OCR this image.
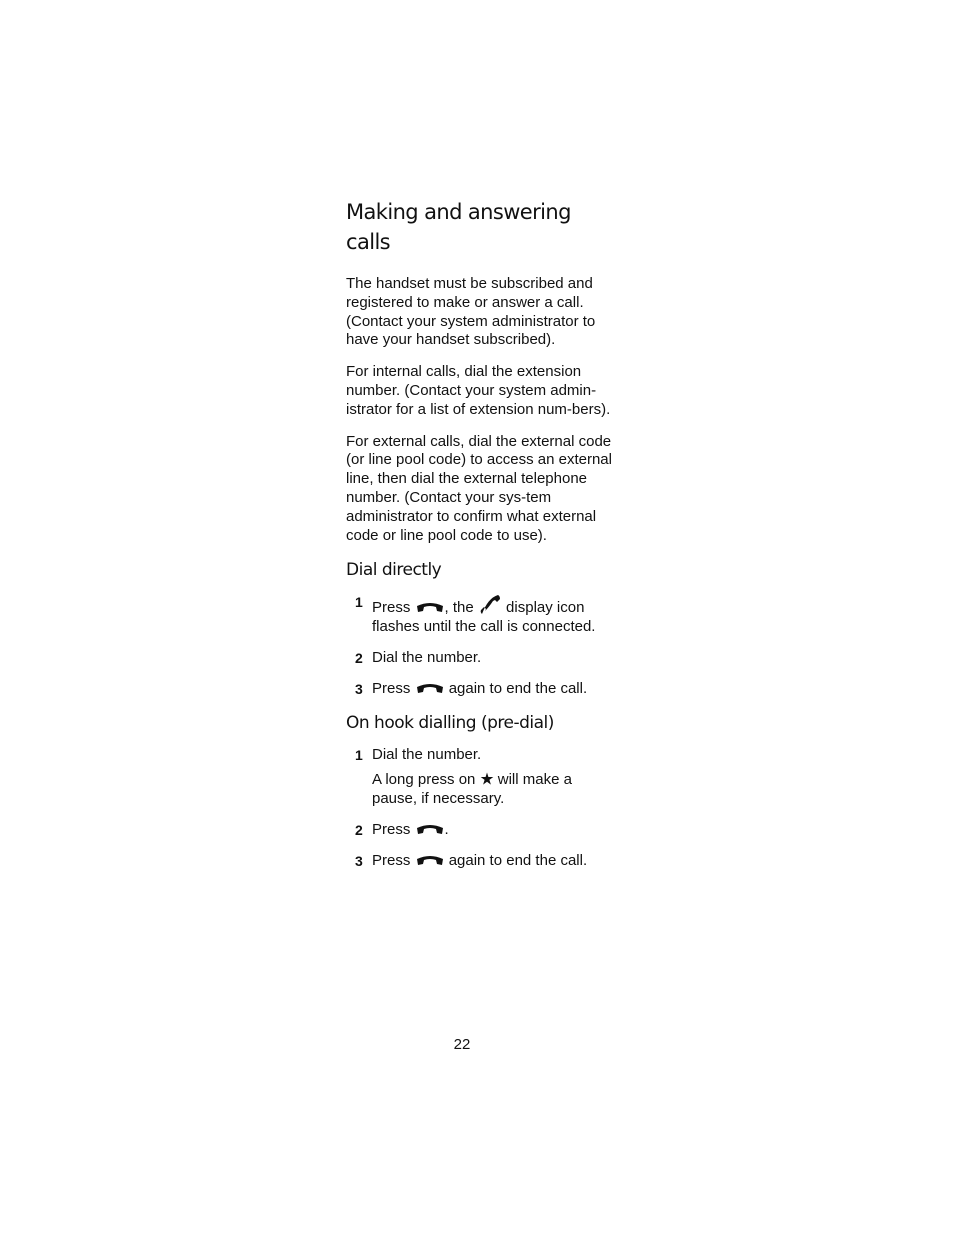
Making and answering calls

The handset must be subscribed and registered to make or answer a call. (Contact your system administrator to have your handset subscribed).

For internal calls, dial the extension number. (Contact your system admin-istrator for a list of extension num-bers).

For external calls, dial the external code (or line pool code) to access an external line, then dial the external telephone number. (Contact your sys-tem administrator to confirm what external code or line pool code to use).

Dial directly
1 Press , the display icon flashes until the call is connected.
2 Dial the number.
3 Press	again to end the call.
On hook dialling (pre-dial)
1 Dial the number.
A long press on will make a pause, if necessary.
2 Press .
3 Press	again to end the call.
22
